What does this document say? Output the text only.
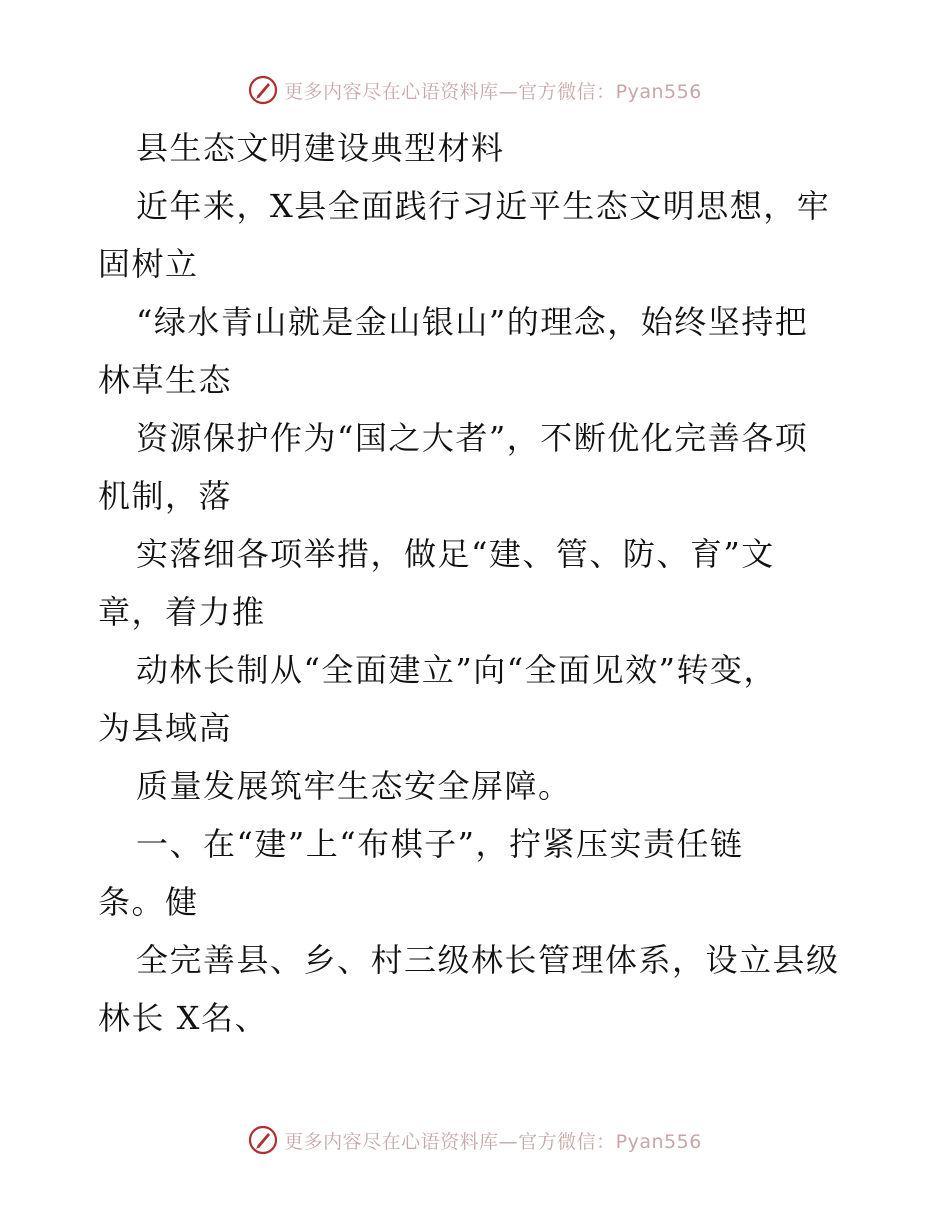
更多内容尽在心语资料库—官方微信：Pyan556
县生态文明建设典型材料
近年来，X县全面践行习近平生态文明思想，牢
固树立
“绿水青山就是金山银山”的理念，始终坚持把
林草生态
资源保护作为“国之大者”，不断优化完善各项
机制，落
实落细各项举措，做足“建、管、防、育”文
章，着力推
动林长制从“全面建立”向“全面见效”转变，
为县域高
质量发展筑牢生态安全屏障。
一、在“建”上“布棋子”，拧紧压实责任链
条。健
全完善县、乡、村三级林长管理体系，设立县级
林长 X名、
更多内容尽在心语资料库—官方微信：Pyan556
